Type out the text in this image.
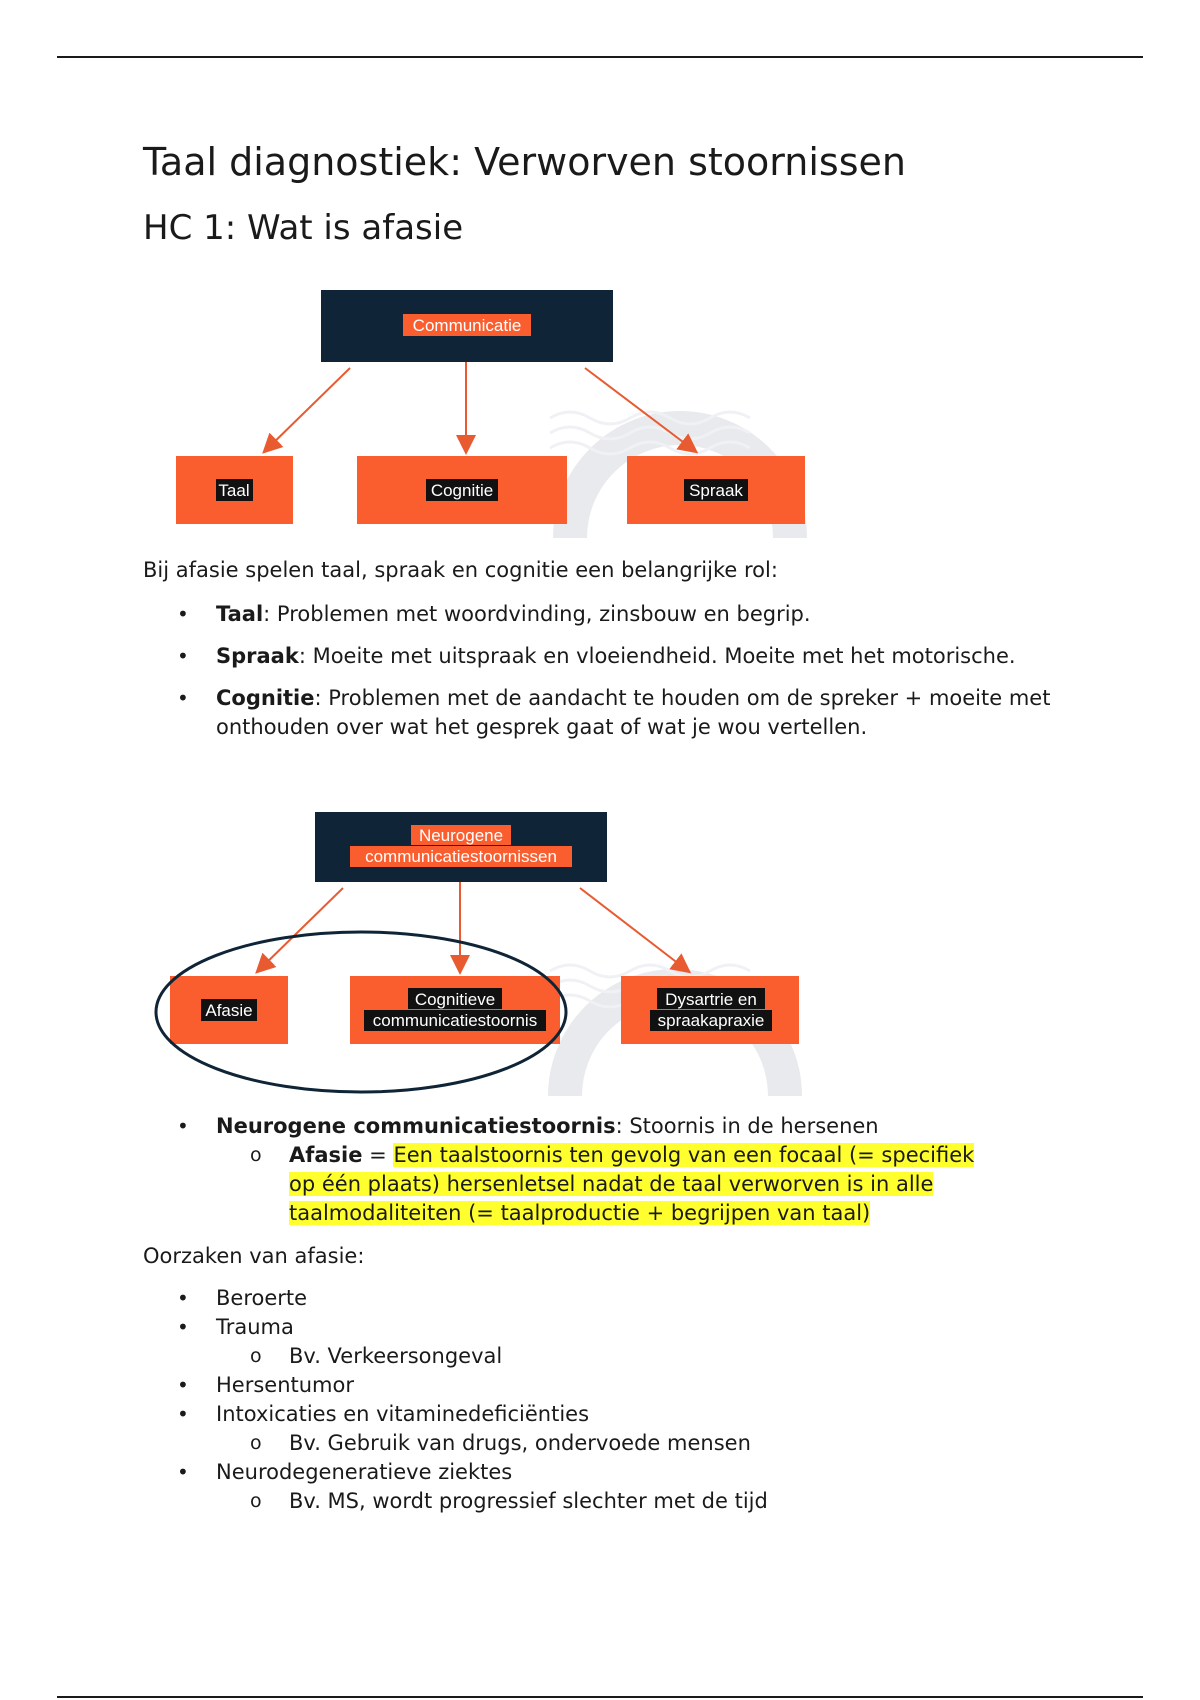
Taal diagnostiek: Verworven stoornissen
HC 1: Wat is afasie
Communicatie
Taal	Cognitie	Spraak

Bij afasie spelen taal, spraak en cognitie een belangrijke rol:

• Taal: Problemen met woordvinding, zinsbouw en begrip.
• Spraak: Moeite met uitspraak en vloeiendheid. Moeite met het motorische.
• Cognitie: Problemen met de aandacht te houden om de spreker + moeite met onthouden over wat het gesprek gaat of wat je wou vertellen.
Neurogene
communicatiestoornissen
Afasie
Cognitieve
communicatiestoornis
Dysartrie en
spraakapraxie
• Neurogene communicatiestoornis: Stoornis in de hersenen
o Afasie = Een taalstoornis ten gevolg van een focaal (= specifiek op één plaats) hersenletsel nadat de taal verworven is in alle taalmodaliteiten (= taalproductie + begrijpen van taal)

Oorzaken van afasie:

• Beroerte
• Trauma
o Bv. Verkeersongeval
• Hersentumor
• Intoxicaties en vitaminedeficiënties
o Bv. Gebruik van drugs, ondervoede mensen
• Neurodegeneratieve ziektes
o Bv. MS, wordt progressief slechter met de tijd
